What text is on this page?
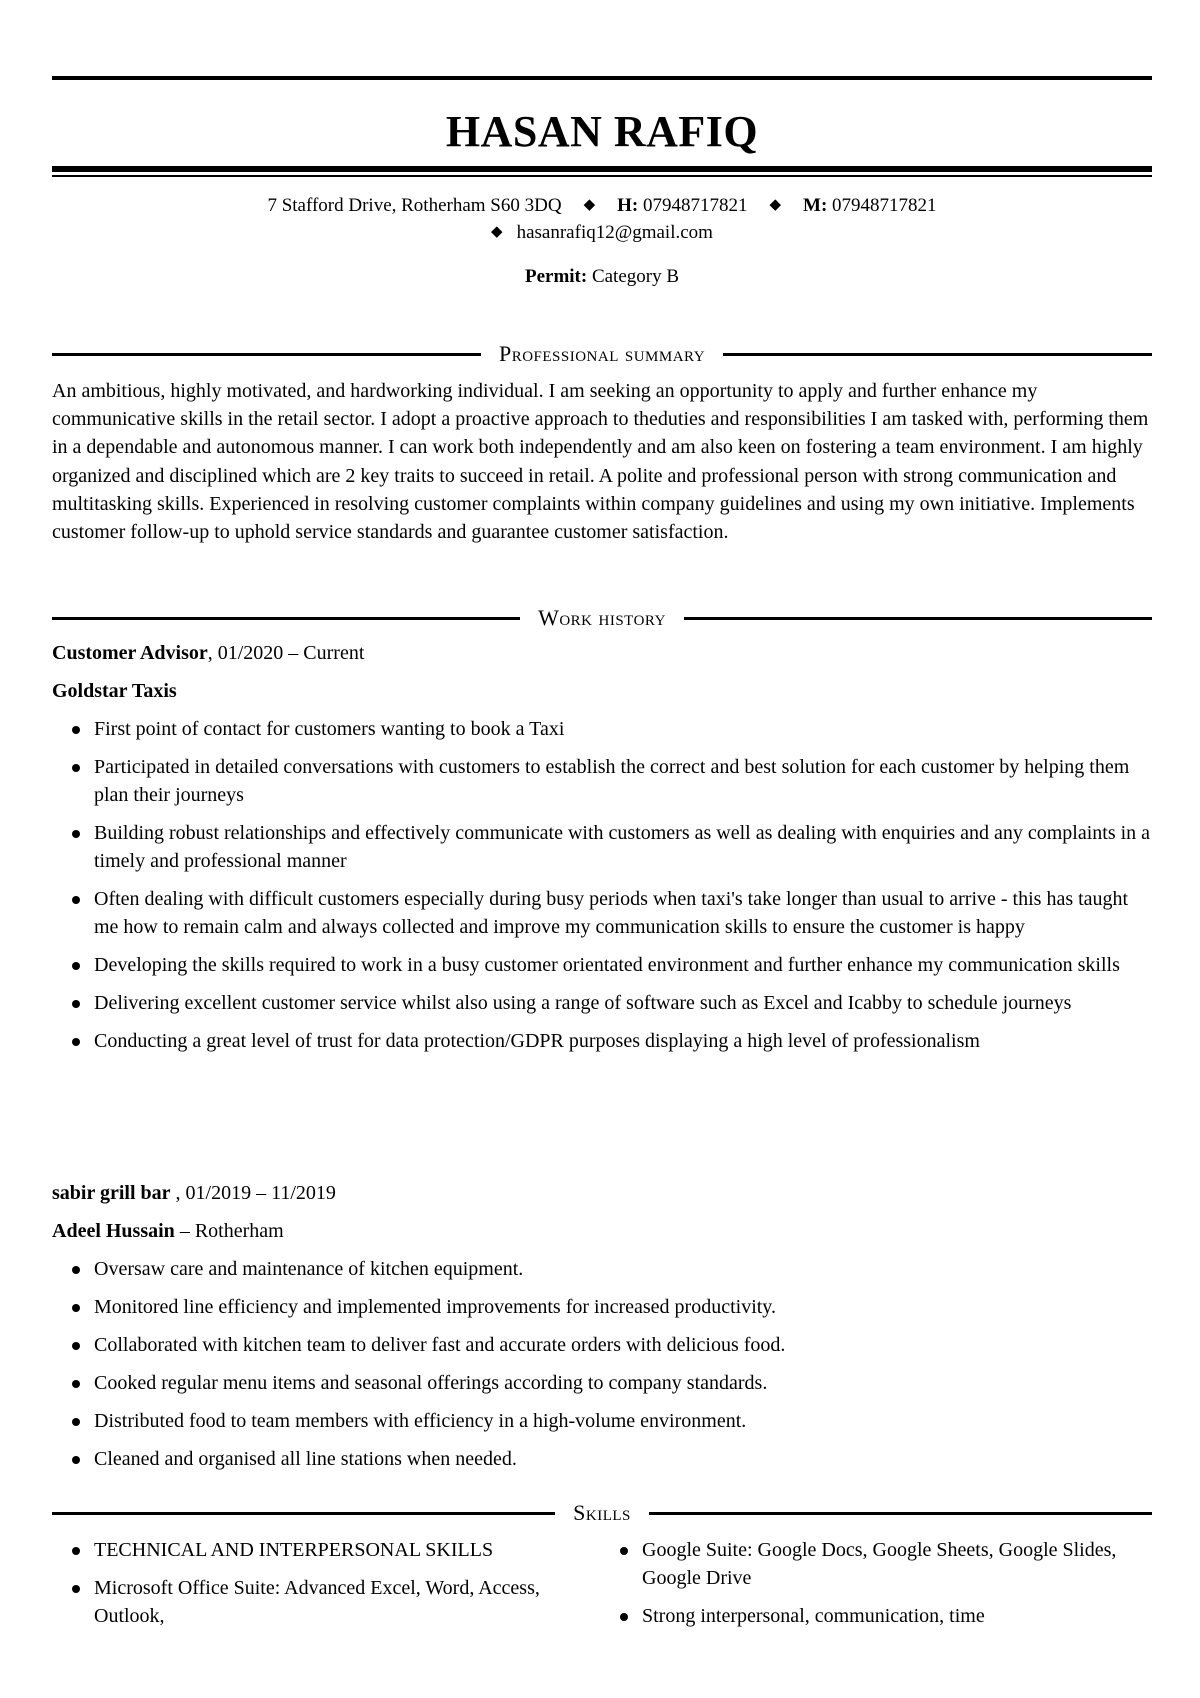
HASAN RAFIQ
7 Stafford Drive, Rotherham S60 3DQ ◆ H: 07948717821 ◆ M: 07948717821
◆ hasanrafiq12@gmail.com
Permit: Category B
Professional summary
An ambitious, highly motivated, and hardworking individual. I am seeking an opportunity to apply and further enhance my communicative skills in the retail sector. I adopt a proactive approach to theduties and responsibilities I am tasked with, performing them in a dependable and autonomous manner. I can work both independently and am also keen on fostering a team environment. I am highly organized and disciplined which are 2 key traits to succeed in retail. A polite and professional person with strong communication and multitasking skills. Experienced in resolving customer complaints within company guidelines and using my own initiative. Implements customer follow-up to uphold service standards and guarantee customer satisfaction.
Work history
Customer Advisor, 01/2020 – Current
Goldstar Taxis
First point of contact for customers wanting to book a Taxi
Participated in detailed conversations with customers to establish the correct and best solution for each customer by helping them plan their journeys
Building robust relationships and effectively communicate with customers as well as dealing with enquiries and any complaints in a timely and professional manner
Often dealing with difficult customers especially during busy periods when taxi's take longer than usual to arrive - this has taught me how to remain calm and always collected and improve my communication skills to ensure the customer is happy
Developing the skills required to work in a busy customer orientated environment and further enhance my communication skills
Delivering excellent customer service whilst also using a range of software such as Excel and Icabby to schedule journeys
Conducting a great level of trust for data protection/GDPR purposes displaying a high level of professionalism
sabir grill bar , 01/2019 – 11/2019
Adeel Hussain – Rotherham
Oversaw care and maintenance of kitchen equipment.
Monitored line efficiency and implemented improvements for increased productivity.
Collaborated with kitchen team to deliver fast and accurate orders with delicious food.
Cooked regular menu items and seasonal offerings according to company standards.
Distributed food to team members with efficiency in a high-volume environment.
Cleaned and organised all line stations when needed.
Skills
TECHNICAL AND INTERPERSONAL SKILLS
Microsoft Office Suite: Advanced Excel, Word, Access, Outlook,
Google Suite: Google Docs, Google Sheets, Google Slides, Google Drive
Strong interpersonal, communication, time
